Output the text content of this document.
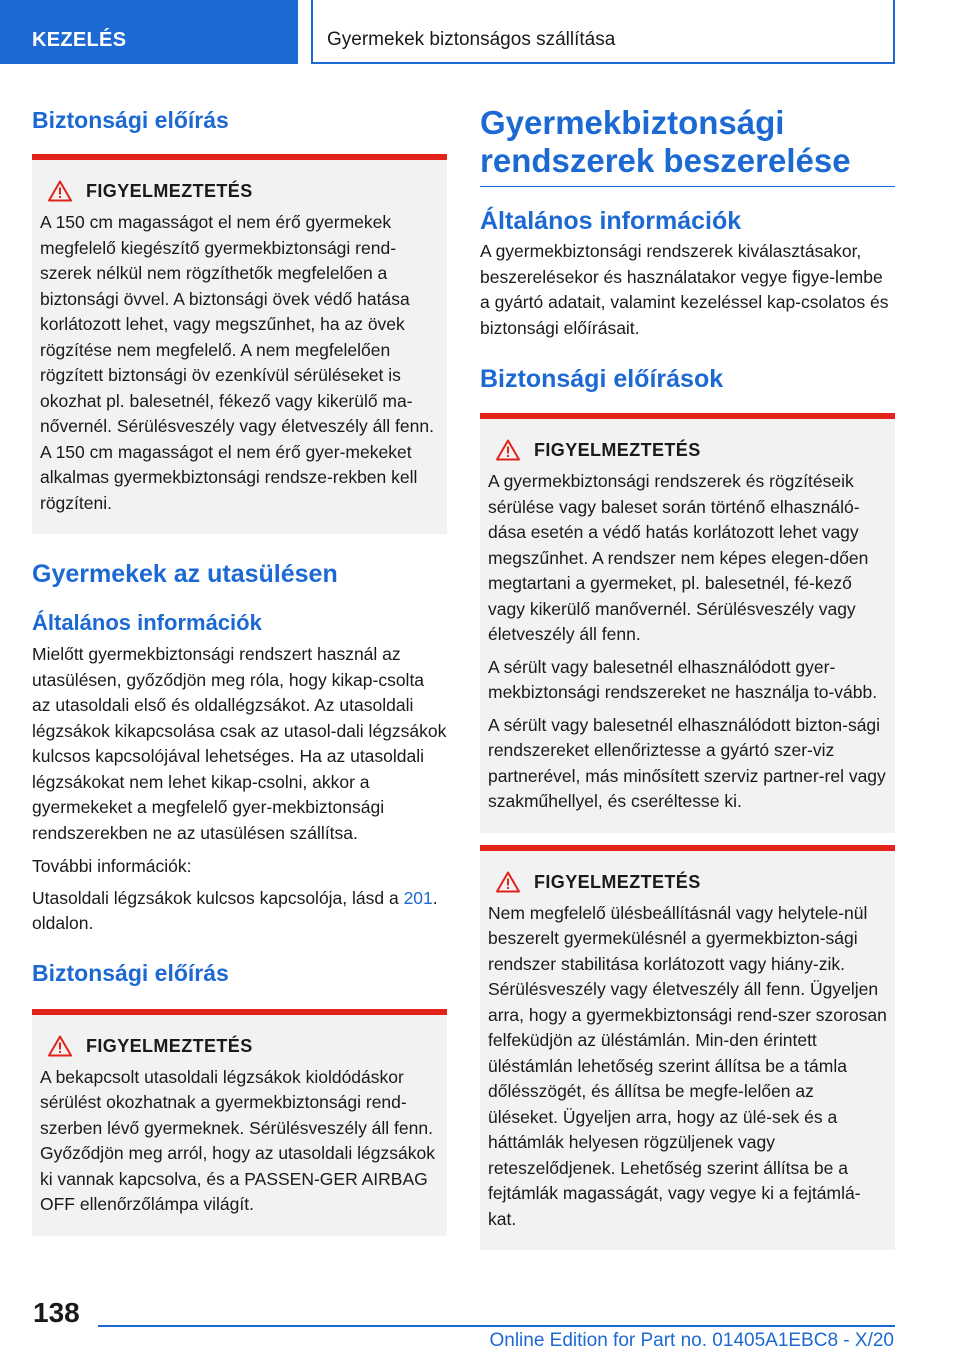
KEZELÉS	Gyermekek biztonságos szállítása
Biztonsági előírás
FIGYELMEZTETÉS

A 150 cm magasságot el nem érő gyermekek megfelelő kiegészítő gyermekbiztonsági rend-szerek nélkül nem rögzíthetők megfelelően a biztonsági övvel. A biztonsági övek védő hatása korlátozott lehet, vagy megszűnhet, ha az övek rögzítése nem megfelelő. A nem megfelelően rögzített biztonsági öv ezenkívül sérüléseket is okozhat pl. balesetnél, fékező vagy kikerülő ma-nővernél. Sérülésveszély vagy életveszély áll fenn. A 150 cm magasságot el nem érő gyer-mekeket alkalmas gyermekbiztonsági rendsze-rekben kell rögzíteni.

Gyermekek az utasülésen
Általános információk

Mielőtt gyermekbiztonsági rendszert használ az utasülésen, győződjön meg róla, hogy kikap-csolta az utasoldali első és oldallégzsákot. Az utasoldali légzsákok kikapcsolása csak az utasol-dali légzsákok kulcsos kapcsolójával lehetséges. Ha az utasoldali légzsákokat nem lehet kikap-csolni, akkor a gyermekeket a megfelelő gyer-mekbiztonsági rendszerekben ne az utasülésen szállítsa.

További információk:

Utasoldali légzsákok kulcsos kapcsolója, lásd a 201. oldalon.

Biztonsági előírás
FIGYELMEZTETÉS

A bekapcsolt utasoldali légzsákok kioldódáskor sérülést okozhatnak a gyermekbiztonsági rend-szerben lévő gyermeknek. Sérülésveszély áll fenn. Győződjön meg arról, hogy az utasoldali légzsákok ki vannak kapcsolva, és a PASSEN-GER AIRBAG OFF ellenőrzőlámpa világít.

Gyermekbiztonsági rendszerek beszerelése
Általános információk

A gyermekbiztonsági rendszerek kiválasztásakor, beszerelésekor és használatakor vegye figye-lembe a gyártó adatait, valamint kezeléssel kap-csolatos és biztonsági előírásait.

Biztonsági előírások
FIGYELMEZTETÉS

A gyermekbiztonsági rendszerek és rögzítéseik sérülése vagy baleset során történő elhasználó-dása esetén a védő hatás korlátozott lehet vagy megszűnhet. A rendszer nem képes elegen-dően megtartani a gyermeket, pl. balesetnél, fé-kező vagy kikerülő manővernél. Sérülésveszély vagy életveszély áll fenn.

A sérült vagy balesetnél elhasználódott gyer-mekbiztonsági rendszereket ne használja to-vább.

A sérült vagy balesetnél elhasználódott bizton-sági rendszereket ellenőriztesse a gyártó szer-viz partnerével, más minősített szerviz partner-rel vagy szakműhellyel, és cseréltesse ki.

FIGYELMEZTETÉS

Nem megfelelő ülésbeállításnál vagy helytele-nül beszerelt gyermekülésnél a gyermekbizton-sági rendszer stabilitása korlátozott vagy hiány-zik. Sérülésveszély vagy életveszély áll fenn. Ügyeljen arra, hogy a gyermekbiztonsági rend-szer szorosan felfeküdjön az üléstámlán. Min-den érintett üléstámlán lehetőség szerint állítsa be a támla dőlésszögét, és állítsa be megfe-lelően az üléseket. Ügyeljen arra, hogy az ülé-sek és a háttámlák helyesen rögzüljenek vagy reteszelődjenek. Lehetőség szerint állítsa be a fejtámlák magasságát, vagy vegye ki a fejtámlá-kat.

138
Online Edition for Part no. 01405A1EBC8 - X/20
